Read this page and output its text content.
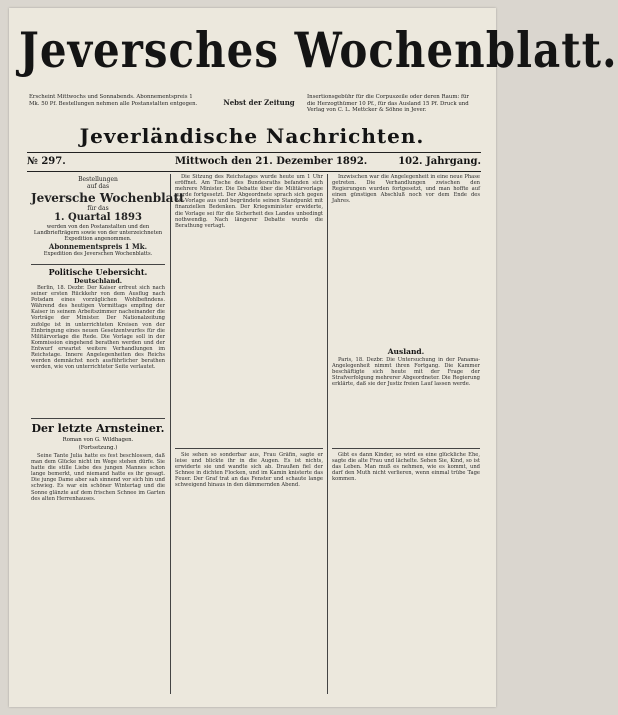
Jeversches Wochenblatt.
Erscheint Mittwochs und Sonnabends. Abonnementspreis 1 Mk. 50 Pf. Bestellungen nehmen alle Postanstalten entgegen.	Nebst der Zeitung
Insertionsgebühr für die Corpuszeile oder deren Raum: für die Herzogthümer 10 Pf., für das Ausland 15 Pf. Druck und Verlag von C. L. Mettcker & Söhne in Jever.
Jeverländische Nachrichten.
№ 297.	Mittwoch den 21. Dezember 1892.	102. Jahrgang.
Bestellungen
auf das
Jeversche Wochenblatt
für das
1. Quartal 1893
werden von den Postanstalten und den Landbriefträgern sowie von der unterzeichneten Expedition angenommen.
Abonnementspreis 1 Mk.
Expedition des Jeverschen Wochenblatts.
Politische Uebersicht.
Deutschland.

Berlin, 18. Dezbr. Der Kaiser erfreut sich nach seiner ersten Rückkehr von dem Ausflug nach Potsdam eines vorzüglichen Wohlbefindens. Während des heutigen Vormittags empfing der Kaiser in seinem Arbeitszimmer nacheinander die Vorträge der Minister. Der Nationalzeitung zufolge ist in unterrichteten Kreisen von der Einbringung eines neuen Gesetzentwurfes für die Militärvorlage die Rede. Die Vorlage soll in der Kommission eingehend berathen werden und der Entwurf erwartet weitere Verhandlungen im Reichstage. Innere Angelegenheiten des Reichs werden demnächst noch ausführlicher berathen werden, wie von unterrichteter Seite verlautet.

Der letzte Arnsteiner.
Roman von G. Wildhagen.
(Fortsetzung.)

Seine Tante Julia hatte es fest beschlossen, daß man dem Glücke nicht im Wege stehen dürfe. Sie hatte die stille Liebe des jungen Mannes schon lange bemerkt, und niemand hatte es ihr gesagt. Die junge Dame aber sah sinnend vor sich hin und schwieg. Es war ein schöner Wintertag und die Sonne glänzte auf dem frischen Schnee im Garten des alten Herrenhauses.

Die Sitzung des Reichstages wurde heute um 1 Uhr eröffnet. Am Tische des Bundesraths befanden sich mehrere Minister. Die Debatte über die Militärvorlage wurde fortgesetzt. Der Abgeordnete sprach sich gegen die Vorlage aus und begründete seinen Standpunkt mit finanziellen Bedenken. Der Kriegsminister erwiderte, die Vorlage sei für die Sicherheit des Landes unbedingt nothwendig. Nach längerer Debatte wurde die Berathung vertagt.

Sie sehen so sonderbar aus, Frau Gräfin, sagte er leise und blickte ihr in die Augen. Es ist nichts, erwiderte sie und wandte sich ab. Draußen fiel der Schnee in dichten Flocken, und im Kamin knisterte das Feuer. Der Graf trat an das Fenster und schaute lange schweigend hinaus in den dämmernden Abend.

Inzwischen war die Angelegenheit in eine neue Phase getreten. Die Verhandlungen zwischen den Regierungen wurden fortgesetzt, und man hoffte auf einen günstigen Abschluß noch vor dem Ende des Jahres.

Ausland.

Paris, 18. Dezbr. Die Untersuchung in der Panama-Angelegenheit nimmt ihren Fortgang. Die Kammer beschäftigte sich heute mit der Frage der Strafverfolgung mehrerer Abgeordneter. Die Regierung erklärte, daß sie der Justiz freien Lauf lassen werde.

Gibt es dann Kinder, so wird es eine glückliche Ehe, sagte die alte Frau und lächelte. Sehen Sie, Kind, so ist das Leben. Man muß es nehmen, wie es kommt, und darf den Muth nicht verlieren, wenn einmal trübe Tage kommen.
